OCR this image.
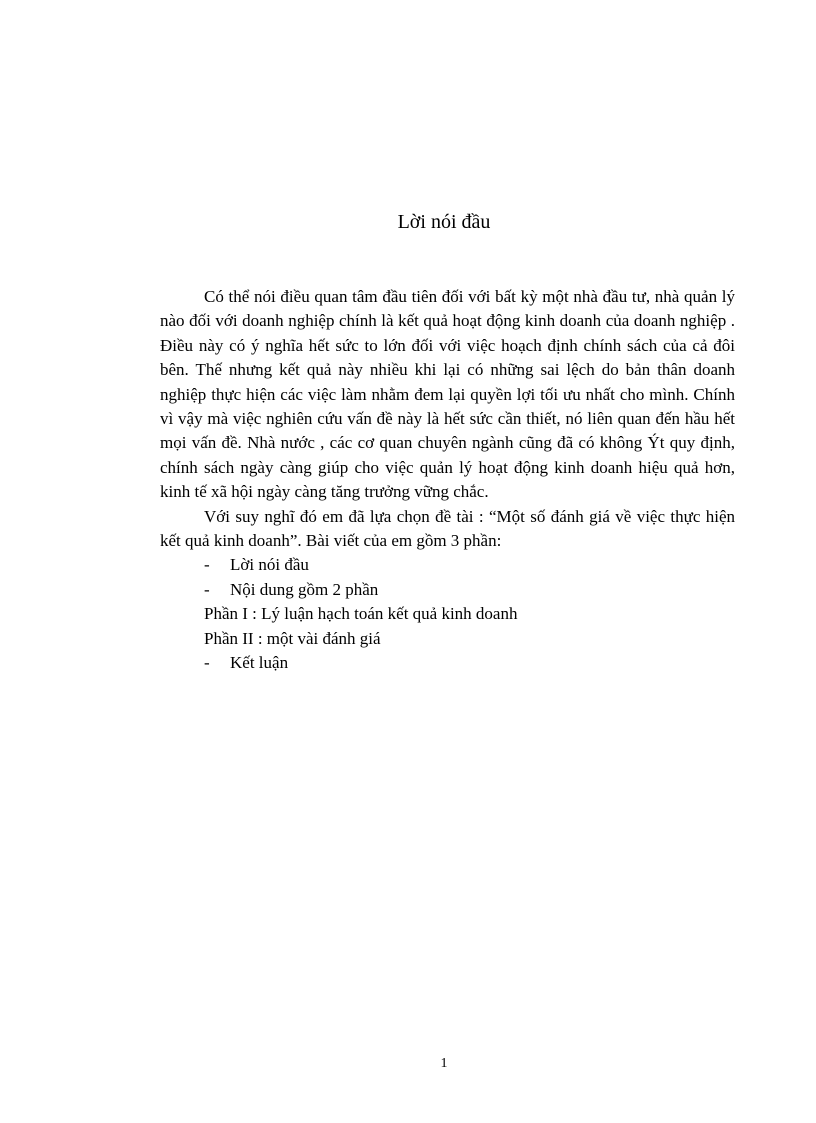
Lời nói đầu

Có thể nói điều quan tâm đầu tiên đối với bất kỳ một nhà đầu tư, nhà quản lý nào đối với doanh nghiệp chính là kết quả hoạt động kinh doanh của doanh nghiệp . Điều này có ý nghĩa hết sức to lớn đối với việc hoạch định chính sách của cả đôi bên. Thế nhưng kết quả này nhiều khi lại có những sai lệch do bản thân doanh nghiệp thực hiện các việc làm nhằm đem lại quyền lợi tối ưu nhất cho mình. Chính vì vậy mà việc nghiên cứu vấn đề này là hết sức cần thiết, nó liên quan đến hầu hết mọi vấn đề. Nhà nước , các cơ quan chuyên ngành cũng đã có không Ýt quy định, chính sách ngày càng giúp cho việc quản lý hoạt động kinh doanh hiệu quả hơn, kinh tế xã hội ngày càng tăng trưởng vững chắc.

Với suy nghĩ đó em đã lựa chọn đề tài : “Một số đánh giá về việc thực hiện kết quả kinh doanh”. Bài viết của em gồm 3 phần:

- Lời nói đầu
- Nội dung gồm 2 phần
Phần I : Lý luận hạch toán kết quả kinh doanh
Phần II : một vài đánh giá
- Kết luận
1
